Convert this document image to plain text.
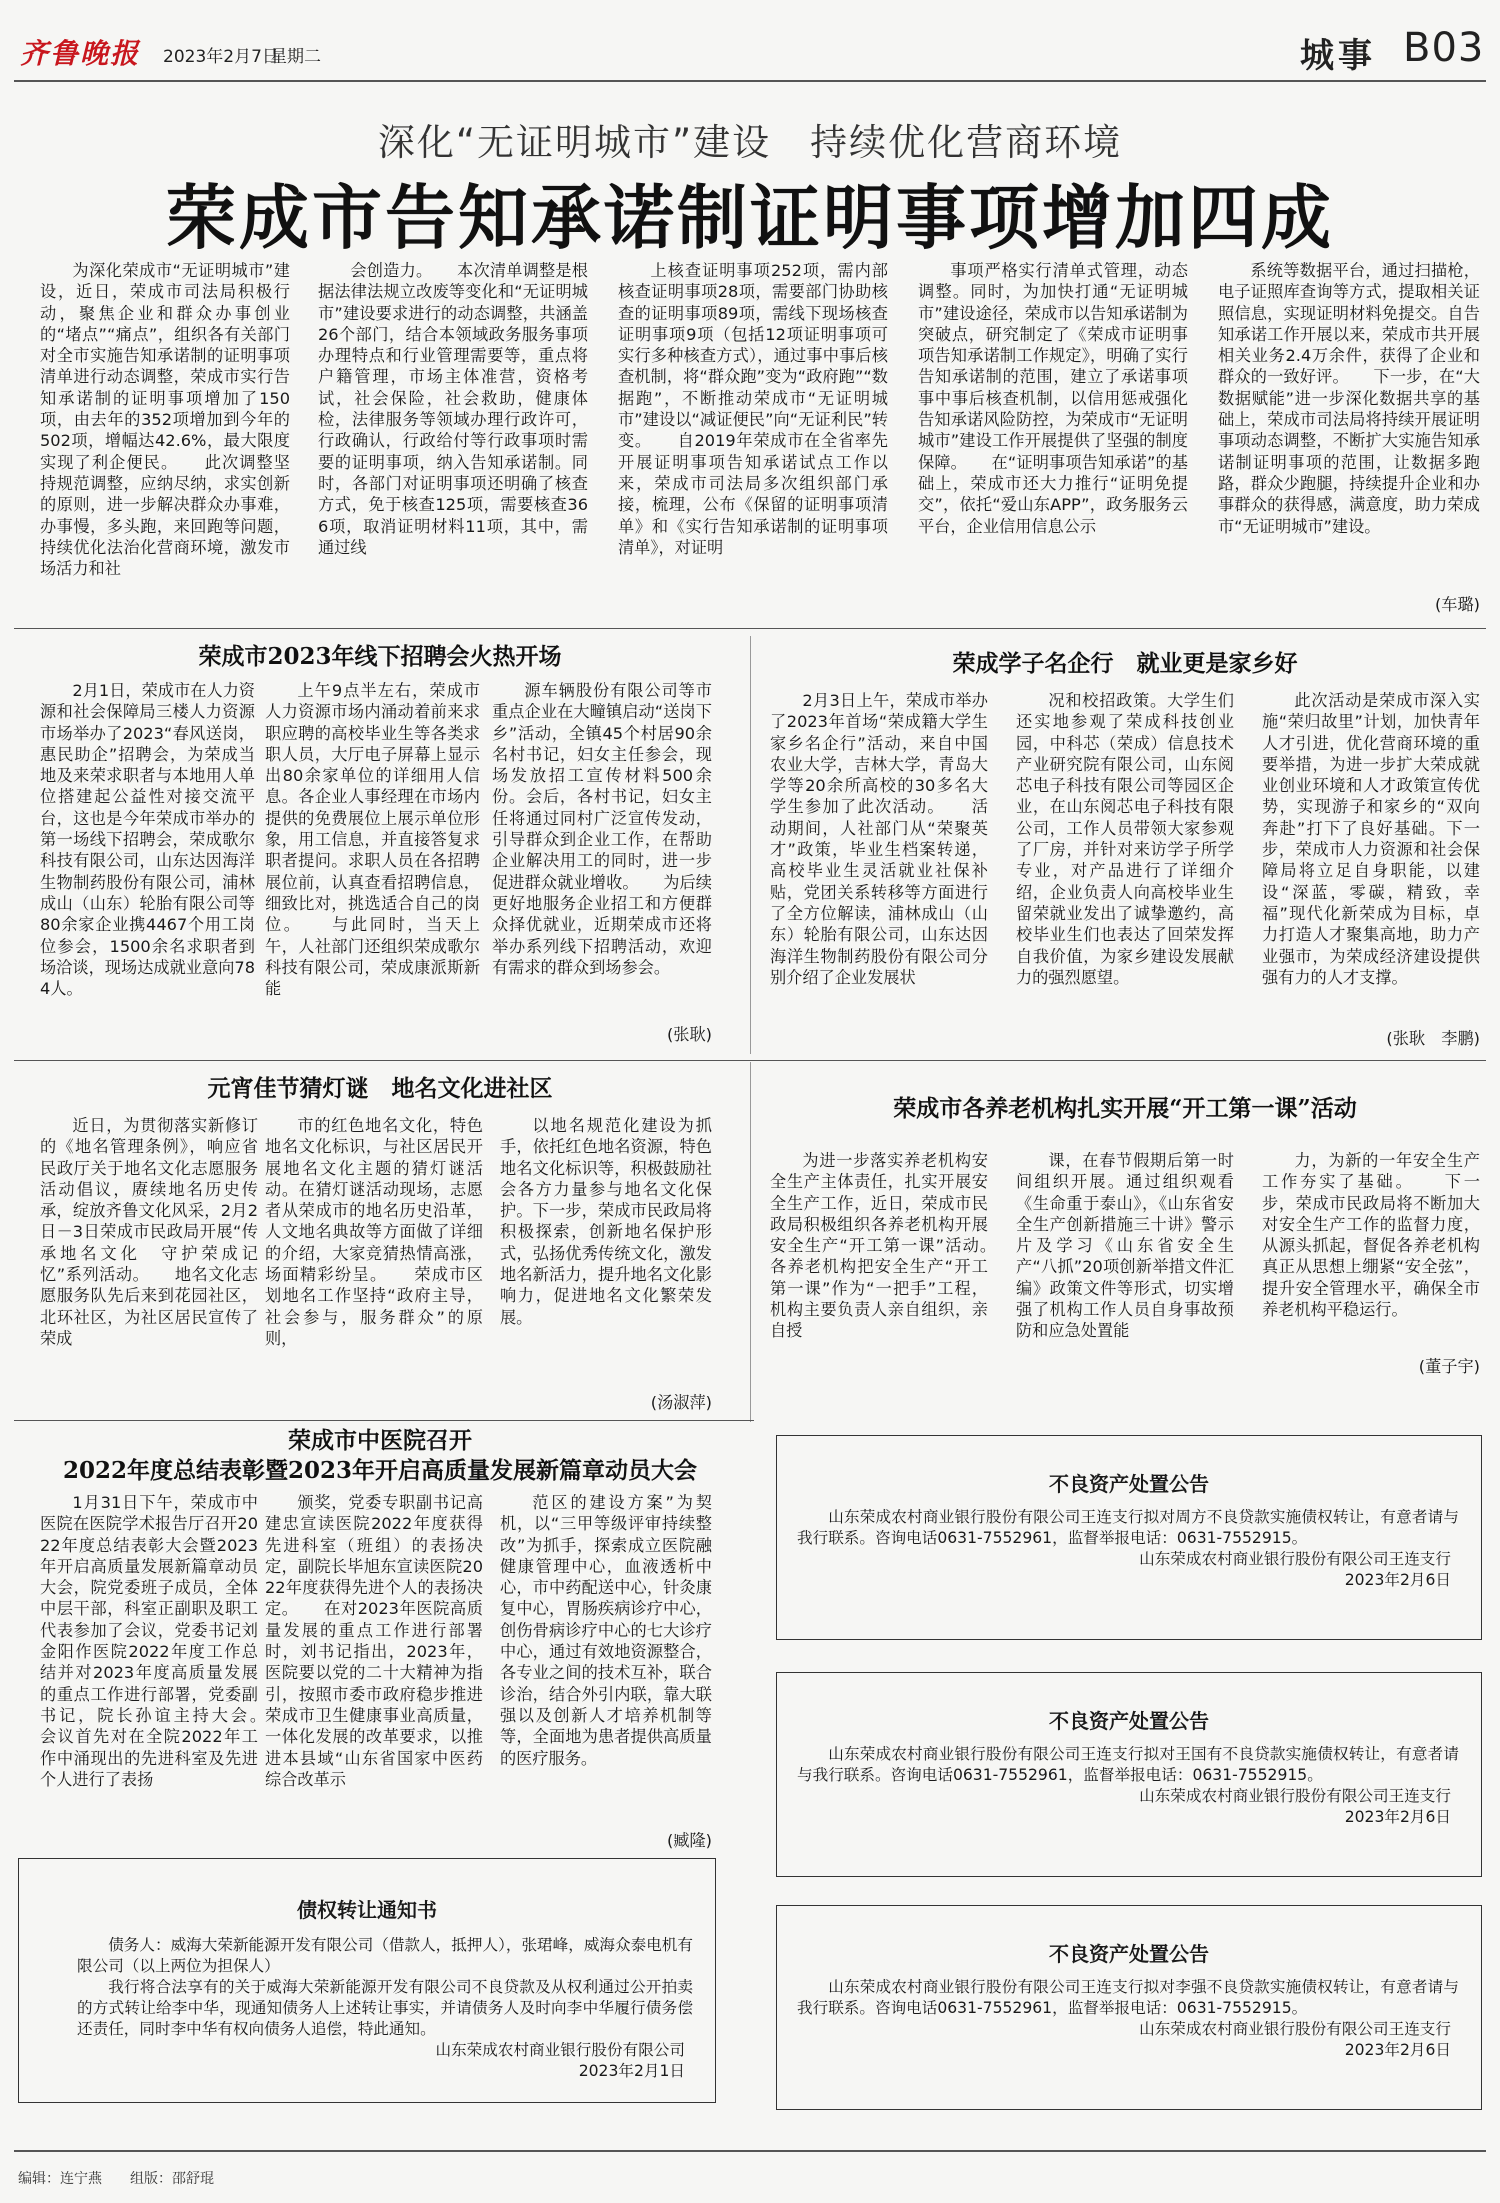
齐鲁晚报 2023年2月7日
星期二	城事 B03
深化“无证明城市”建设　持续优化营商环境
荣成市告知承诺制证明事项增加四成

为深化荣成市“无证明城市”建设，近日，荣成市司法局积极行动，聚焦企业和群众办事创业的“堵点”“痛点”，组织各有关部门对全市实施告知承诺制的证明事项清单进行动态调整，荣成市实行告知承诺制的证明事项增加了150项，由去年的352项增加到今年的502项，增幅达42.6%，最大限度实现了利企便民。　　此次调整坚持规范调整，应纳尽纳，求实创新的原则，进一步解决群众办事难，办事慢，多头跑，来回跑等问题，持续优化法治化营商环境，激发市场活力和社

会创造力。　　本次清单调整是根据法律法规立改废等变化和“无证明城市”建设要求进行的动态调整，共涵盖26个部门，结合本领域政务服务事项办理特点和行业管理需要等，重点将户籍管理，市场主体准营，资格考试，社会保险，社会救助，健康体检，法律服务等领域办理行政许可，行政确认，行政给付等行政事项时需要的证明事项，纳入告知承诺制。同时，各部门对证明事项还明确了核查方式，免于核查125项，需要核查366项，取消证明材料11项，其中，需通过线

上核查证明事项252项，需内部核查证明事项28项，需要部门协助核查的证明事项89项，需线下现场核查证明事项9项（包括12项证明事项可实行多种核查方式），通过事中事后核查机制，将“群众跑”变为“政府跑”“数据跑”，不断推动荣成市“无证明城市”建设以“减证便民”向“无证利民”转变。　　自2019年荣成市在全省率先开展证明事项告知承诺试点工作以来，荣成市司法局多次组织部门承接，梳理，公布《保留的证明事项清单》和《实行告知承诺制的证明事项清单》，对证明

事项严格实行清单式管理，动态调整。同时，为加快打通“无证明城市”建设途径，荣成市以告知承诺制为突破点，研究制定了《荣成市证明事项告知承诺制工作规定》，明确了实行告知承诺制的范围，建立了承诺事项事中事后核查机制，以信用惩戒强化告知承诺风险防控，为荣成市“无证明城市”建设工作开展提供了坚强的制度保障。　　在“证明事项告知承诺”的基础上，荣成市还大力推行“证明免提交”，依托“爱山东APP”，政务服务云平台，企业信用信息公示

系统等数据平台，通过扫描枪，电子证照库查询等方式，提取相关证照信息，实现证明材料免提交。自告知承诺工作开展以来，荣成市共开展相关业务2.4万余件，获得了企业和群众的一致好评。　　下一步，在“大数据赋能”进一步深化数据共享的基础上，荣成市司法局将持续开展证明事项动态调整，不断扩大实施告知承诺制证明事项的范围，让数据多跑路，群众少跑腿，持续提升企业和办事群众的获得感，满意度，助力荣成市“无证明城市”建设。

(车璐)

荣成市2023年线下招聘会火热开场

2月1日，荣成市在人力资源和社会保障局三楼人力资源市场举办了2023“春风送岗，惠民助企”招聘会，为荣成当地及来荣求职者与本地用人单位搭建起公益性对接交流平台，这也是今年荣成市举办的第一场线下招聘会，荣成歌尔科技有限公司，山东达因海洋生物制药股份有限公司，浦林成山（山东）轮胎有限公司等80余家企业携4467个用工岗位参会，1500余名求职者到场洽谈，现场达成就业意向784人。

上午9点半左右，荣成市人力资源市场内涌动着前来求职应聘的高校毕业生等各类求职人员，大厅电子屏幕上显示出80余家单位的详细用人信息。各企业人事经理在市场内提供的免费展位上展示单位形象，用工信息，并直接答复求职者提问。求职人员在各招聘展位前，认真查看招聘信息，细致比对，挑选适合自己的岗位。　　与此同时，当天上午，人社部门还组织荣成歌尔科技有限公司，荣成康派斯新能

源车辆股份有限公司等市重点企业在大疃镇启动“送岗下乡”活动，全镇45个村居90余名村书记，妇女主任参会，现场发放招工宣传材料500余份。会后，各村书记，妇女主任将通过同村广泛宣传发动，引导群众到企业工作，在帮助企业解决用工的同时，进一步促进群众就业增收。　　为后续更好地服务企业招工和方便群众择优就业，近期荣成市还将举办系列线下招聘活动，欢迎有需求的群众到场参会。

(张耿)

荣成学子名企行　就业更是家乡好

2月3日上午，荣成市举办了2023年首场“荣成籍大学生家乡名企行”活动，来自中国农业大学，吉林大学，青岛大学等20余所高校的30多名大学生参加了此次活动。　　活动期间，人社部门从“荣聚英才”政策，毕业生档案转递，高校毕业生灵活就业社保补贴，党团关系转移等方面进行了全方位解读，浦林成山（山东）轮胎有限公司，山东达因海洋生物制药股份有限公司分别介绍了企业发展状

况和校招政策。大学生们还实地参观了荣成科技创业园，中科芯（荣成）信息技术产业研究院有限公司，山东阅芯电子科技有限公司等园区企业，在山东阅芯电子科技有限公司，工作人员带领大家参观了厂房，并针对来访学子所学专业，对产品进行了详细介绍，企业负责人向高校毕业生留荣就业发出了诚挚邀约，高校毕业生们也表达了回荣发挥自我价值，为家乡建设发展献力的强烈愿望。

此次活动是荣成市深入实施“荣归故里”计划，加快青年人才引进，优化营商环境的重要举措，为进一步扩大荣成就业创业环境和人才政策宣传优势，实现游子和家乡的“双向奔赴”打下了良好基础。下一步，荣成市人力资源和社会保障局将立足自身职能，以建设“深蓝，零碳，精致，幸福”现代化新荣成为目标，卓力打造人才聚集高地，助力产业强市，为荣成经济建设提供强有力的人才支撑。

(张耿　李鹏)

元宵佳节猜灯谜　地名文化进社区

近日，为贯彻落实新修订的《地名管理条例》，响应省民政厅关于地名文化志愿服务活动倡议，赓续地名历史传承，绽放齐鲁文化风采，2月2日－3日荣成市民政局开展“传承地名文化　守护荣成记忆”系列活动。　　地名文化志愿服务队先后来到花园社区，北环社区，为社区居民宣传了荣成

市的红色地名文化，特色地名文化标识，与社区居民开展地名文化主题的猜灯谜活动。在猜灯谜活动现场，志愿者从荣成市的地名历史沿革，人文地名典故等方面做了详细的介绍，大家竞猜热情高涨，场面精彩纷呈。　　荣成市区划地名工作坚持“政府主导，社会参与，服务群众”的原则，

以地名规范化建设为抓手，依托红色地名资源，特色地名文化标识等，积极鼓励社会各方力量参与地名文化保护。下一步，荣成市民政局将积极探索，创新地名保护形式，弘扬优秀传统文化，激发地名新活力，提升地名文化影响力，促进地名文化繁荣发展。

(汤淑萍)

荣成市各养老机构扎实开展“开工第一课”活动

为进一步落实养老机构安全生产主体责任，扎实开展安全生产工作，近日，荣成市民政局积极组织各养老机构开展安全生产“开工第一课”活动。　　各养老机构把安全生产“开工第一课”作为“一把手”工程，机构主要负责人亲自组织，亲自授

课，在春节假期后第一时间组织开展。通过组织观看《生命重于泰山》，《山东省安全生产创新措施三十讲》警示片及学习《山东省安全生产“八抓”20项创新举措文件汇编》政策文件等形式，切实增强了机构工作人员自身事故预防和应急处置能

力，为新的一年安全生产工作夯实了基础。　　下一步，荣成市民政局将不断加大对安全生产工作的监督力度，从源头抓起，督促各养老机构真正从思想上绷紧“安全弦”，提升安全管理水平，确保全市养老机构平稳运行。

(董子宇)

荣成市中医院召开
2022年度总结表彰暨2023年开启高质量发展新篇章动员大会

1月31日下午，荣成市中医院在医院学术报告厅召开2022年度总结表彰大会暨2023年开启高质量发展新篇章动员大会，院党委班子成员，全体中层干部，科室正副职及职工代表参加了会议，党委书记刘金阳作医院2022年度工作总结并对2023年度高质量发展的重点工作进行部署，党委副书记，院长孙谊主持大会。　　会议首先对在全院2022年工作中涌现出的先进科室及先进个人进行了表扬

颁奖，党委专职副书记高建忠宣读医院2022年度获得先进科室（班组）的表扬决定，副院长毕旭东宣读医院2022年度获得先进个人的表扬决定。　　在对2023年医院高质量发展的重点工作进行部署时，刘书记指出，2023年，医院要以党的二十大精神为指引，按照市委市政府稳步推进荣成市卫生健康事业高质量，一体化发展的改革要求，以推进本县域“山东省国家中医药综合改革示

范区的建设方案”为契机，以“三甲等级评审持续整改”为抓手，探索成立医院融健康管理中心，血液透析中心，市中药配送中心，针灸康复中心，胃肠疾病诊疗中心，创伤骨病诊疗中心的七大诊疗中心，通过有效地资源整合，各专业之间的技术互补，联合诊治，结合外引内联，靠大联强以及创新人才培养机制等等，全面地为患者提供高质量的医疗服务。

(臧隆)

债权转让通知书

债务人：威海大荣新能源开发有限公司（借款人，抵押人），张珺峰，威海众泰电机有限公司（以上两位为担保人）

我行将合法享有的关于威海大荣新能源开发有限公司不良贷款及从权利通过公开拍卖的方式转让给李中华，现通知债务人上述转让事实，并请债务人及时向李中华履行债务偿还责任，同时李中华有权向债务人追偿，特此通知。

山东荣成农村商业银行股份有限公司
2023年2月1日
不良资产处置公告

山东荣成农村商业银行股份有限公司王连支行拟对周方不良贷款实施债权转让，有意者请与我行联系。咨询电话0631-7552961，监督举报电话：0631-7552915。

山东荣成农村商业银行股份有限公司王连支行
2023年2月6日
不良资产处置公告

山东荣成农村商业银行股份有限公司王连支行拟对王国有不良贷款实施债权转让，有意者请与我行联系。咨询电话0631-7552961，监督举报电话：0631-7552915。

山东荣成农村商业银行股份有限公司王连支行
2023年2月6日
不良资产处置公告

山东荣成农村商业银行股份有限公司王连支行拟对李强不良贷款实施债权转让，有意者请与我行联系。咨询电话0631-7552961，监督举报电话：0631-7552915。

山东荣成农村商业银行股份有限公司王连支行
2023年2月6日
编辑：连宁燕 组版：邵舒琨
